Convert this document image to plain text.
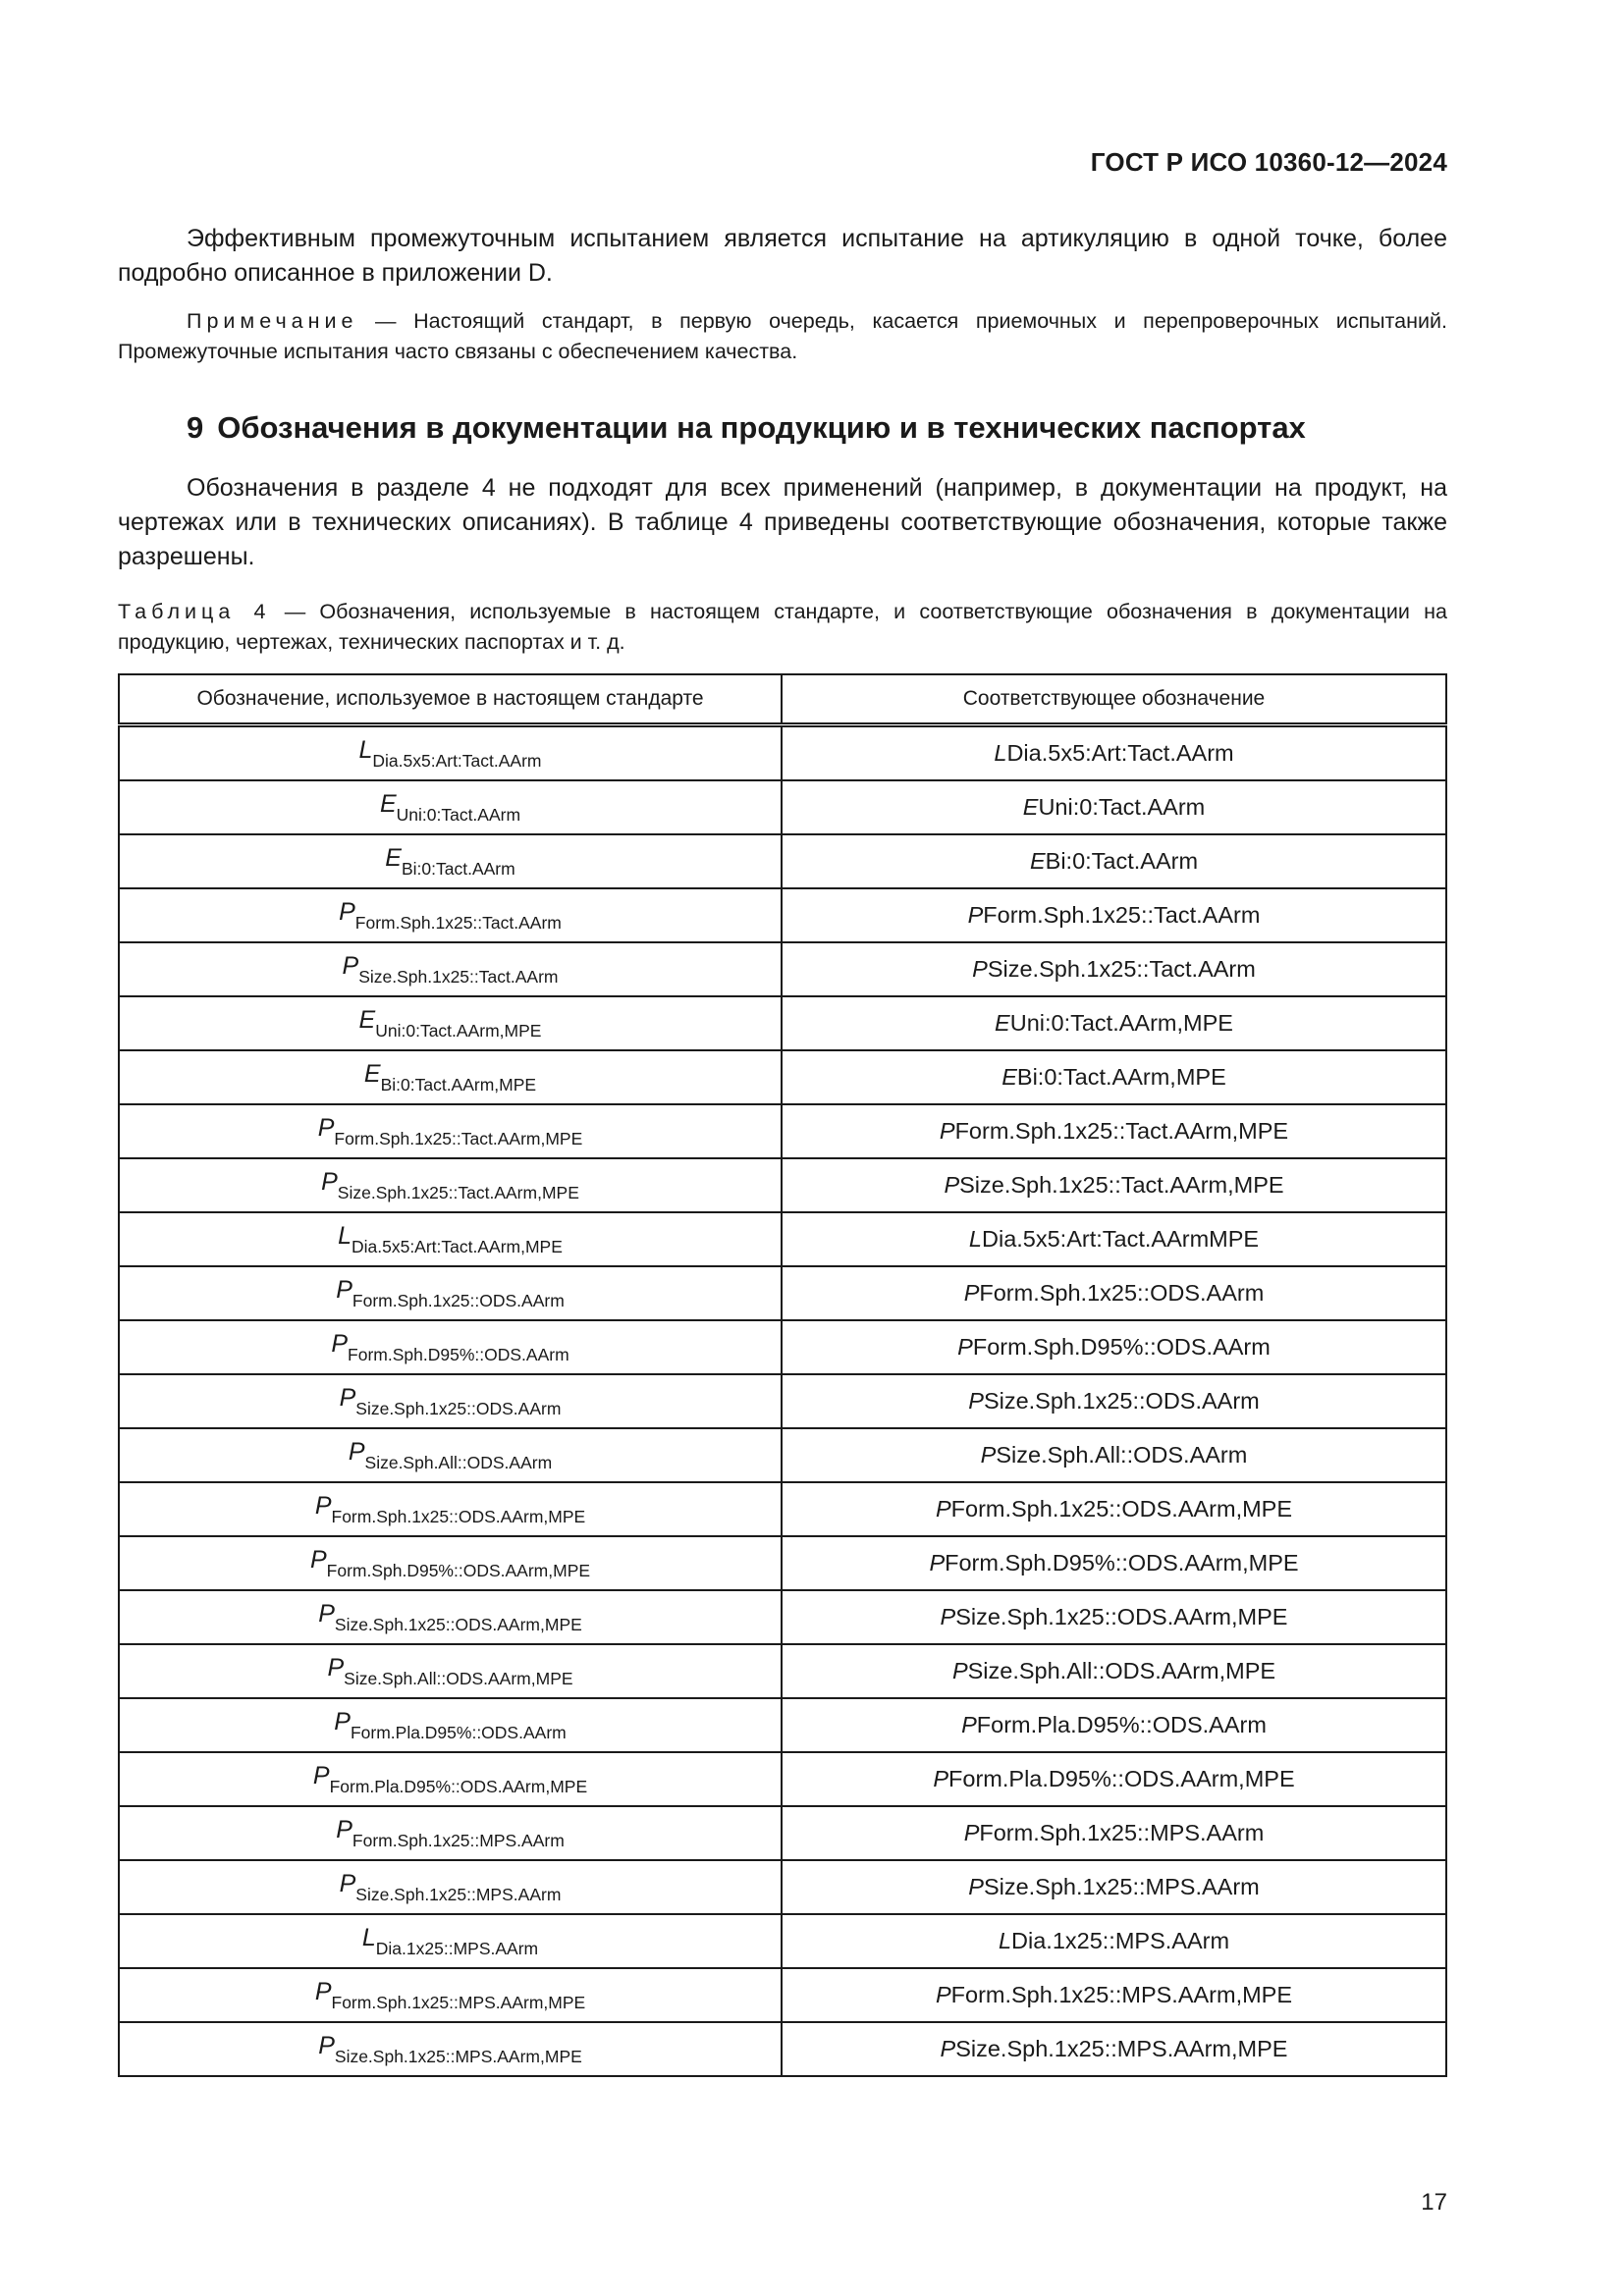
ГОСТ Р ИСО 10360-12—2024

Эффективным промежуточным испытанием является испытание на артикуляцию в одной точке, более подробно описанное в приложении D.

Примечание — Настоящий стандарт, в первую очередь, касается приемочных и перепроверочных испытаний. Промежуточные испытания часто связаны с обеспечением качества.

9 Обозначения в документации на продукцию и в технических паспортах

Обозначения в разделе 4 не подходят для всех применений (например, в документации на продукт, на чертежах или в технических описаниях). В таблице 4 приведены соответствующие обозначения, которые также разрешены.

Таблица 4 — Обозначения, используемые в настоящем стандарте, и соответствующие обозначения в документации на продукцию, чертежах, технических паспортах и т. д.

Обозначение, используемое в настоящем стандарте	Соответствующее обозначение
$L_{Dia.5x5:Art:Tact.AArm}$	LDia.5x5:Art:Tact.AArm
$E_{Uni:0:Tact.AArm}$	EUni:0:Tact.AArm
$E_{Bi:0:Tact.AArm}$	EBi:0:Tact.AArm
$P_{Form.Sph.1x25::Tact.AArm}$	PForm.Sph.1x25::Tact.AArm
$P_{Size.Sph.1x25::Tact.AArm}$	PSize.Sph.1x25::Tact.AArm
$E_{Uni:0:Tact.AArm,MPE}$	EUni:0:Tact.AArm,MPE
$E_{Bi:0:Tact.AArm,MPE}$	EBi:0:Tact.AArm,MPE
$P_{Form.Sph.1x25::Tact.AArm,MPE}$	PForm.Sph.1x25::Tact.AArm,MPE
$P_{Size.Sph.1x25::Tact.AArm,MPE}$	PSize.Sph.1x25::Tact.AArm,MPE
$L_{Dia.5x5:Art:Tact.AArm,MPE}$	LDia.5x5:Art:Tact.AArmMPE
$P_{Form.Sph.1x25::ODS.AArm}$	PForm.Sph.1x25::ODS.AArm
$P_{Form.Sph.D95\%::ODS.AArm}$	PForm.Sph.D95%::ODS.AArm
$P_{Size.Sph.1x25::ODS.AArm}$	PSize.Sph.1x25::ODS.AArm
$P_{Size.Sph.All::ODS.AArm}$	PSize.Sph.All::ODS.AArm
$P_{Form.Sph.1x25::ODS.AArm,MPE}$	PForm.Sph.1x25::ODS.AArm,MPE
$P_{Form.Sph.D95\%::ODS.AArm,MPE}$	PForm.Sph.D95%::ODS.AArm,MPE
$P_{Size.Sph.1x25::ODS.AArm,MPE}$	PSize.Sph.1x25::ODS.AArm,MPE
$P_{Size.Sph.All::ODS.AArm,MPE}$	PSize.Sph.All::ODS.AArm,MPE
$P_{Form.Pla.D95\%::ODS.AArm}$	PForm.Pla.D95%::ODS.AArm
$P_{Form.Pla.D95\%::ODS.AArm,MPE}$	PForm.Pla.D95%::ODS.AArm,MPE
$P_{Form.Sph.1x25::MPS.AArm}$	PForm.Sph.1x25::MPS.AArm
$P_{Size.Sph.1x25::MPS.AArm}$	PSize.Sph.1x25::MPS.AArm
$L_{Dia.1x25::MPS.AArm}$	LDia.1x25::MPS.AArm
$P_{Form.Sph.1x25::MPS.AArm,MPE}$	PForm.Sph.1x25::MPS.AArm,MPE
$P_{Size.Sph.1x25::MPS.AArm,MPE}$	PSize.Sph.1x25::MPS.AArm,MPE
17
